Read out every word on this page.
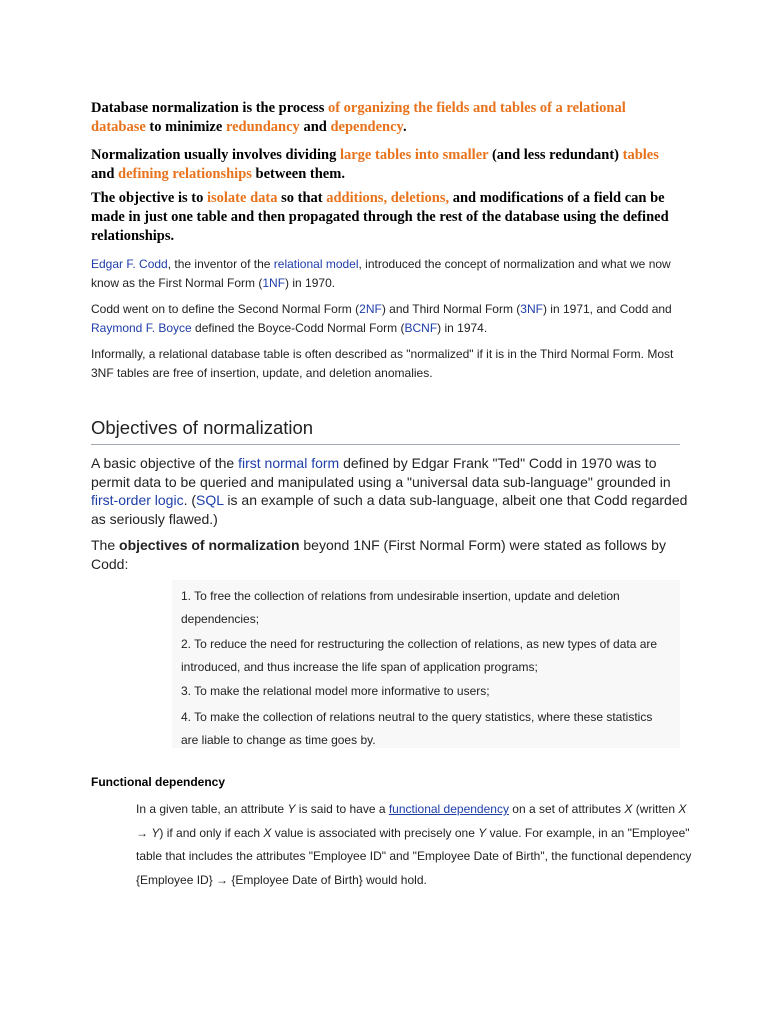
Database normalization is the process of organizing the fields and tables of a relational database to minimize redundancy and dependency.
Normalization usually involves dividing large tables into smaller (and less redundant) tables and defining relationships between them.
The objective is to isolate data so that additions, deletions, and modifications of a field can be made in just one table and then propagated through the rest of the database using the defined relationships.
Edgar F. Codd, the inventor of the relational model, introduced the concept of normalization and what we now know as the First Normal Form (1NF) in 1970.
Codd went on to define the Second Normal Form (2NF) and Third Normal Form (3NF) in 1971, and Codd and Raymond F. Boyce defined the Boyce-Codd Normal Form (BCNF) in 1974.
Informally, a relational database table is often described as "normalized" if it is in the Third Normal Form. Most 3NF tables are free of insertion, update, and deletion anomalies.
Objectives of normalization
A basic objective of the first normal form defined by Edgar Frank "Ted" Codd in 1970 was to permit data to be queried and manipulated using a "universal data sub-language" grounded in first-order logic. (SQL is an example of such a data sub-language, albeit one that Codd regarded as seriously flawed.)
The objectives of normalization beyond 1NF (First Normal Form) were stated as follows by Codd:
1. To free the collection of relations from undesirable insertion, update and deletion dependencies;
2. To reduce the need for restructuring the collection of relations, as new types of data are introduced, and thus increase the life span of application programs;
3. To make the relational model more informative to users;
4. To make the collection of relations neutral to the query statistics, where these statistics are liable to change as time goes by.
Functional dependency
In a given table, an attribute Y is said to have a functional dependency on a set of attributes X (written X → Y) if and only if each X value is associated with precisely one Y value. For example, in an "Employee" table that includes the attributes "Employee ID" and "Employee Date of Birth", the functional dependency {Employee ID} → {Employee Date of Birth} would hold.
